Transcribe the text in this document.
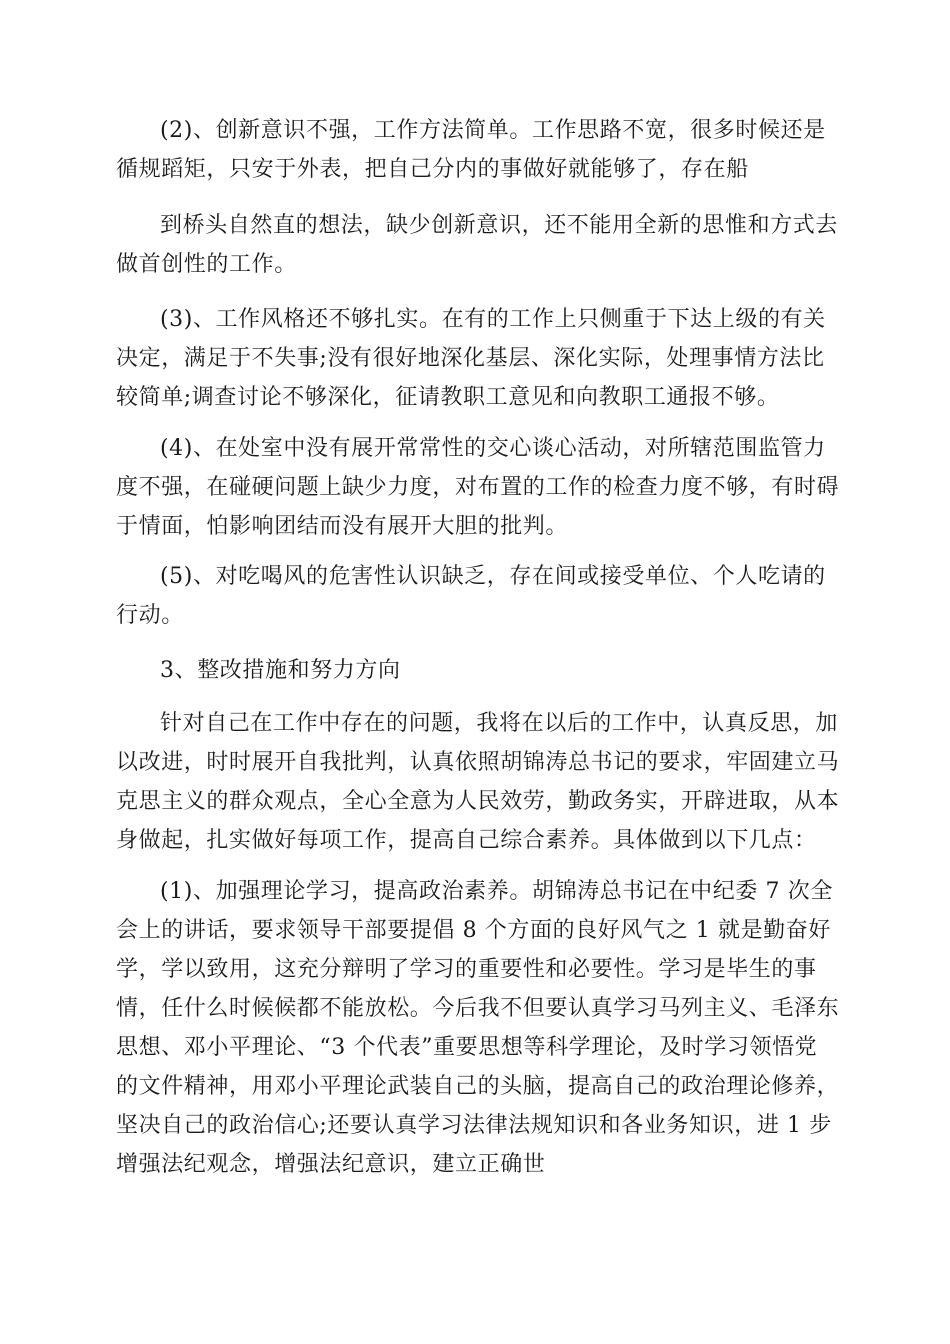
(2)、创新意识不强，工作方法简单。工作思路不宽，很多时候还是
循规蹈矩，只安于外表，把自己分内的事做好就能够了，存在船

到桥头自然直的想法，缺少创新意识，还不能用全新的思惟和方式去
做首创性的工作。

(3)、工作风格还不够扎实。在有的工作上只侧重于下达上级的有关
决定，满足于不失事;没有很好地深化基层、深化实际，处理事情方法比
较简单;调查讨论不够深化，征请教职工意见和向教职工通报不够。

(4)、在处室中没有展开常常性的交心谈心活动，对所辖范围监管力
度不强，在碰硬问题上缺少力度，对布置的工作的检查力度不够，有时碍
于情面，怕影响团结而没有展开大胆的批判。

(5)、对吃喝风的危害性认识缺乏，存在间或接受单位、个人吃请的
行动。

3、整改措施和努力方向

针对自己在工作中存在的问题，我将在以后的工作中，认真反思，加
以改进，时时展开自我批判，认真依照胡锦涛总书记的要求，牢固建立马
克思主义的群众观点，全心全意为人民效劳，勤政务实，开辟进取，从本
身做起，扎实做好每项工作，提高自己综合素养。具体做到以下几点：

(1)、加强理论学习，提高政治素养。胡锦涛总书记在中纪委 7 次全
会上的讲话，要求领导干部要提倡 8 个方面的良好风气之 1 就是勤奋好
学，学以致用，这充分辩明了学习的重要性和必要性。学习是毕生的事
情，任什么时候候都不能放松。今后我不但要认真学习马列主义、毛泽东
思想、邓小平理论、“3 个代表”重要思想等科学理论，及时学习领悟党
的文件精神，用邓小平理论武装自己的头脑，提高自己的政治理论修养，
坚决自己的政治信心;还要认真学习法律法规知识和各业务知识，进 1 步
增强法纪观念，增强法纪意识，建立正确世
